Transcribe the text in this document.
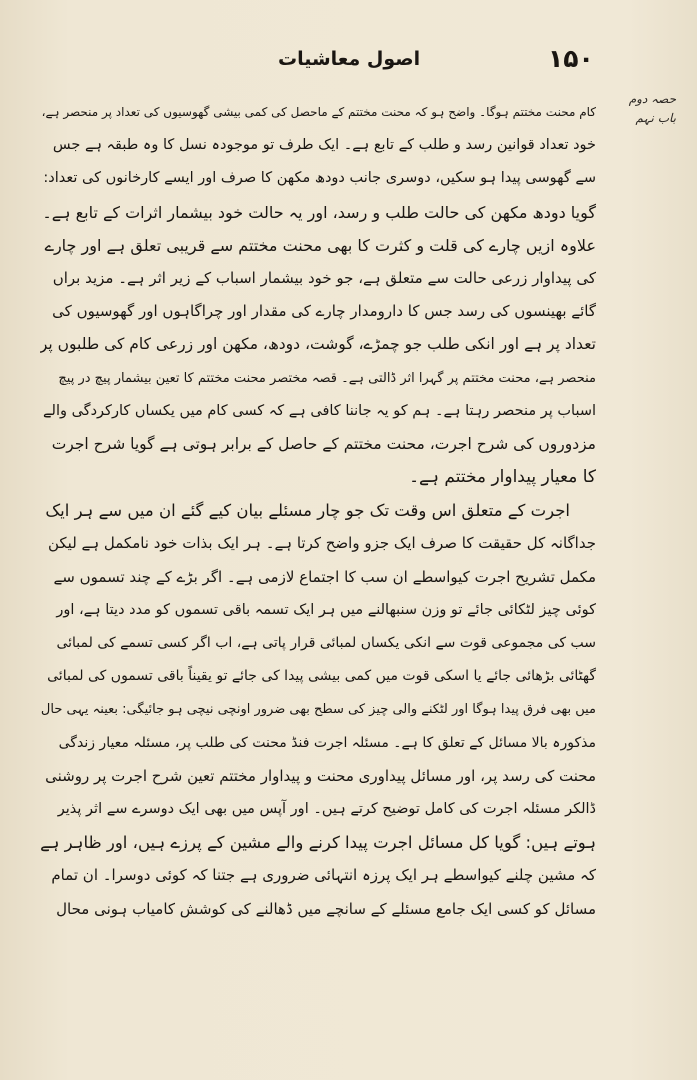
اصول معاشیات	۱۵۰
حصہ دوم
باب نہم
کام محنت مختتم ہوگا۔ واضح ہو کہ محنت مختتم کے ماحصل کی کمی بیشی گھوسیوں کی تعداد پر منحصر ہے،
خود تعداد قوانین رسد و طلب کے تابع ہے۔ ایک طرف تو موجودہ نسل کا وہ طبقہ ہے جس
سے گھوسی پیدا ہو سکیں، دوسری جانب دودھ مکھن کا صرف اور ایسے کارخانوں کی تعداد:
گویا دودھ مکھن کی حالت طلب و رسد، اور یہ حالت خود بیشمار اثرات کے تابع ہے۔
علاوہ ازیں چارے کی قلت و کثرت کا بھی محنت مختتم سے قریبی تعلق ہے اور چارے
کی پیداوار زرعی حالت سے متعلق ہے، جو خود بیشمار اسباب کے زیر اثر ہے۔ مزید براں
گائے بھینسوں کی رسد جس کا دارومدار چارے کی مقدار اور چراگاہوں اور گھوسیوں کی
تعداد پر ہے اور انکی طلب جو چمڑے، گوشت، دودھ، مکھن اور زرعی کام کی طلبوں پر
منحصر ہے، محنت مختتم پر گہرا اثر ڈالتی ہے۔ قصہ مختصر محنت مختتم کا تعین بیشمار پیچ در پیچ
اسباب پر منحصر رہتا ہے۔ ہم کو یہ جاننا کافی ہے کہ کسی کام میں یکساں کارکردگی والے
مزدوروں کی شرح اجرت، محنت مختتم کے حاصل کے برابر ہوتی ہے گویا شرح اجرت
کا معیار پیداوار مختتم ہے۔
اجرت کے متعلق اس وقت تک جو چار مسئلے بیان کیے گئے ان میں سے ہر ایک
جداگانہ کل حقیقت کا صرف ایک جزو واضح کرتا ہے۔ ہر ایک بذات خود نامکمل ہے لیکن
مکمل تشریح اجرت کیواسطے ان سب کا اجتماع لازمی ہے۔ اگر بڑے کے چند تسموں سے
کوئی چیز لٹکائی جائے تو وزن سنبھالنے میں ہر ایک تسمہ باقی تسموں کو مدد دیتا ہے، اور
سب کی مجموعی قوت سے انکی یکساں لمبائی قرار پاتی ہے، اب اگر کسی تسمے کی لمبائی
گھٹائی بڑھائی جائے یا اسکی قوت میں کمی بیشی پیدا کی جائے تو یقیناً باقی تسموں کی لمبائی
میں بھی فرق پیدا ہوگا اور لٹکنے والی چیز کی سطح بھی ضرور اونچی نیچی ہو جائیگی: بعینہ یہی حال
مذکورہ بالا مسائل کے تعلق کا ہے۔ مسئلہ اجرت فنڈ محنت کی طلب پر، مسئلہ معیار زندگی
محنت کی رسد پر، اور مسائل پیداوری محنت و پیداوار مختتم تعین شرح اجرت پر روشنی
ڈالکر مسئلہ اجرت کی کامل توضیح کرتے ہیں۔ اور آپس میں بھی ایک دوسرے سے اثر پذیر
ہوتے ہیں: گویا کل مسائل اجرت پیدا کرنے والے مشین کے پرزے ہیں، اور ظاہر ہے
کہ مشین چلنے کیواسطے ہر ایک پرزہ انتہائی ضروری ہے جتنا کہ کوئی دوسرا۔ ان تمام
مسائل کو کسی ایک جامع مسئلے کے سانچے میں ڈھالنے کی کوشش کامیاب ہونی محال
